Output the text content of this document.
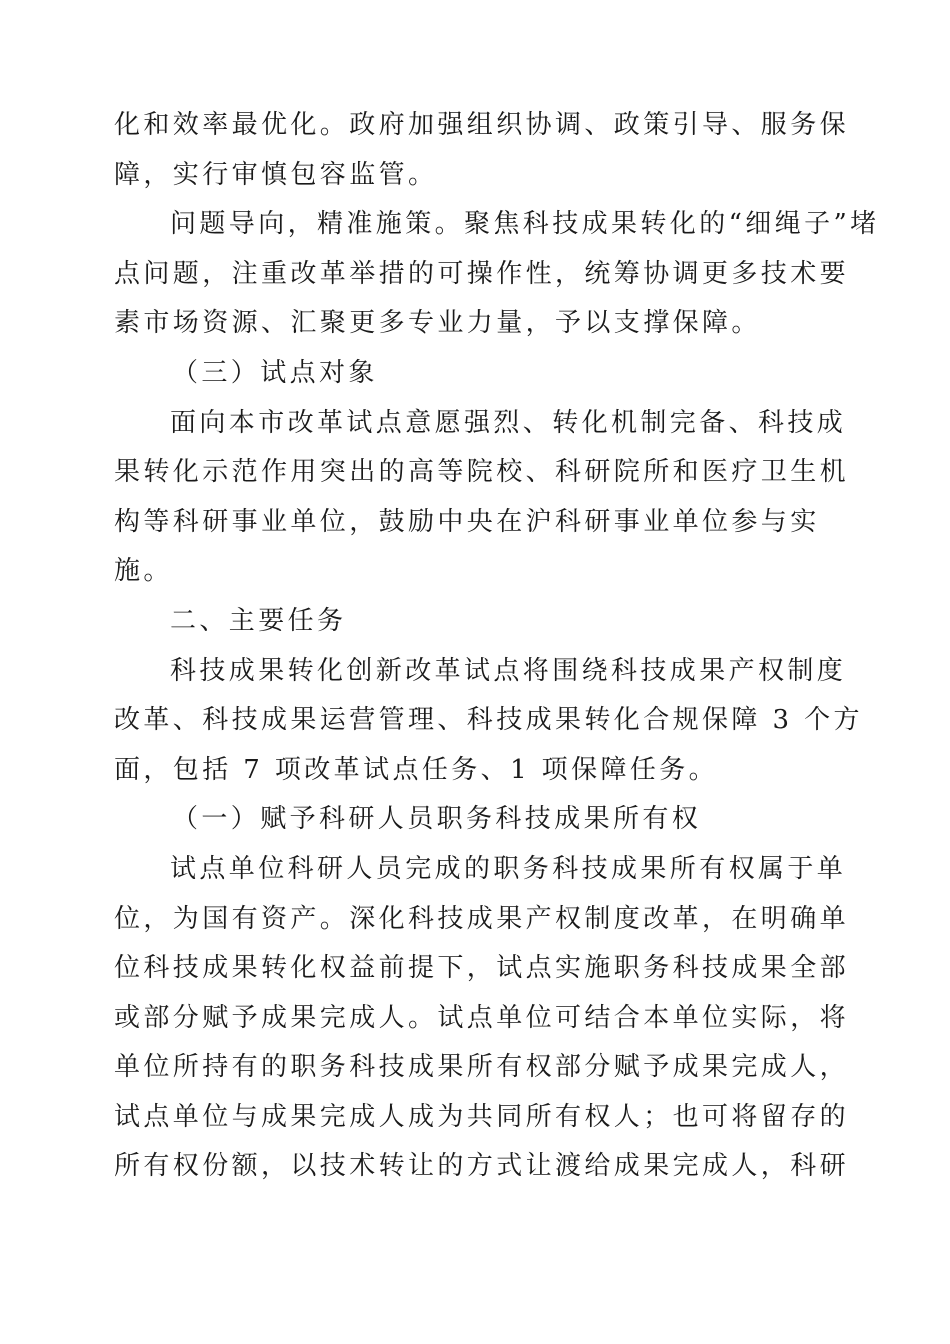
化和效率最优化。政府加强组织协调、政策引导、服务保
障，实行审慎包容监管。
问题导向，精准施策。聚焦科技成果转化的“细绳子”堵
点问题，注重改革举措的可操作性，统筹协调更多技术要
素市场资源、汇聚更多专业力量，予以支撑保障。
（三）试点对象
面向本市改革试点意愿强烈、转化机制完备、科技成
果转化示范作用突出的高等院校、科研院所和医疗卫生机
构等科研事业单位，鼓励中央在沪科研事业单位参与实
施。
二、主要任务
科技成果转化创新改革试点将围绕科技成果产权制度
改革、科技成果运营管理、科技成果转化合规保障 3 个方
面，包括 7 项改革试点任务、1 项保障任务。
（一）赋予科研人员职务科技成果所有权
试点单位科研人员完成的职务科技成果所有权属于单
位，为国有资产。深化科技成果产权制度改革，在明确单
位科技成果转化权益前提下，试点实施职务科技成果全部
或部分赋予成果完成人。试点单位可结合本单位实际，将
单位所持有的职务科技成果所有权部分赋予成果完成人，
试点单位与成果完成人成为共同所有权人；也可将留存的
所有权份额，以技术转让的方式让渡给成果完成人，科研
